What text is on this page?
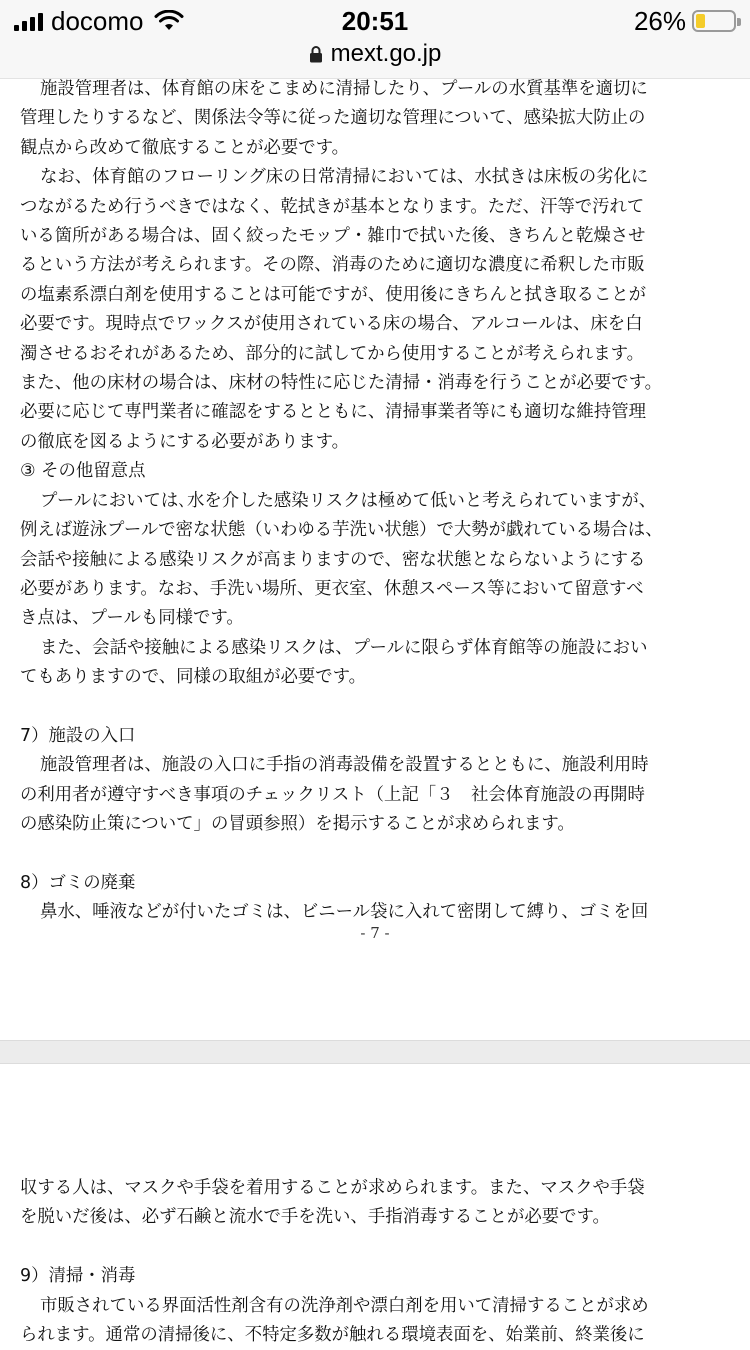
docomo	20:51	26%
mext.go.jp

施設管理者は、体育館の床をこまめに清掃したり、プールの水質基準を適切に

管理したりするなど、関係法令等に従った適切な管理について、感染拡大防止の

観点から改めて徹底することが必要です。

なお、体育館のフローリング床の日常清掃においては、水拭きは床板の劣化に

つながるため行うべきではなく、乾拭きが基本となります。ただ、汗等で汚れて

いる箇所がある場合は、固く絞ったモップ・雑巾で拭いた後、きちんと乾燥させ

るという方法が考えられます。その際、消毒のために適切な濃度に希釈した市販

の塩素系漂白剤を使用することは可能ですが、使用後にきちんと拭き取ることが

必要です。現時点でワックスが使用されている床の場合、アルコールは、床を白

濁させるおそれがあるため、部分的に試してから使用することが考えられます。

また、他の床材の場合は、床材の特性に応じた清掃・消毒を行うことが必要です。

必要に応じて専門業者に確認をするとともに、清掃事業者等にも適切な維持管理

の徹底を図るようにする必要があります。

③ その他留意点

プールにおいては､水を介した感染リスクは極めて低いと考えられていますが、

例えば遊泳プールで密な状態（いわゆる芋洗い状態）で大勢が戯れている場合は、

会話や接触による感染リスクが高まりますので、密な状態とならないようにする

必要があります。なお、手洗い場所、更衣室、休憩スペース等において留意すべ

き点は、プールも同様です。

また、会話や接触による感染リスクは、プールに限らず体育館等の施設におい

てもありますので、同様の取組が必要です。

7）施設の入口

施設管理者は、施設の入口に手指の消毒設備を設置するとともに、施設利用時

の利用者が遵守すべき事項のチェックリスト（上記「３　社会体育施設の再開時

の感染防止策について」の冒頭参照）を掲示することが求められます。

8）ゴミの廃棄

鼻水、唾液などが付いたゴミは、ビニール袋に入れて密閉して縛り、ゴミを回

- 7 -

収する人は、マスクや手袋を着用することが求められます。また、マスクや手袋

を脱いだ後は、必ず石鹸と流水で手を洗い、手指消毒することが必要です。

9）清掃・消毒

市販されている界面活性剤含有の洗浄剤や漂白剤を用いて清掃することが求め

られます。通常の清掃後に、不特定多数が触れる環境表面を、始業前、終業後に
